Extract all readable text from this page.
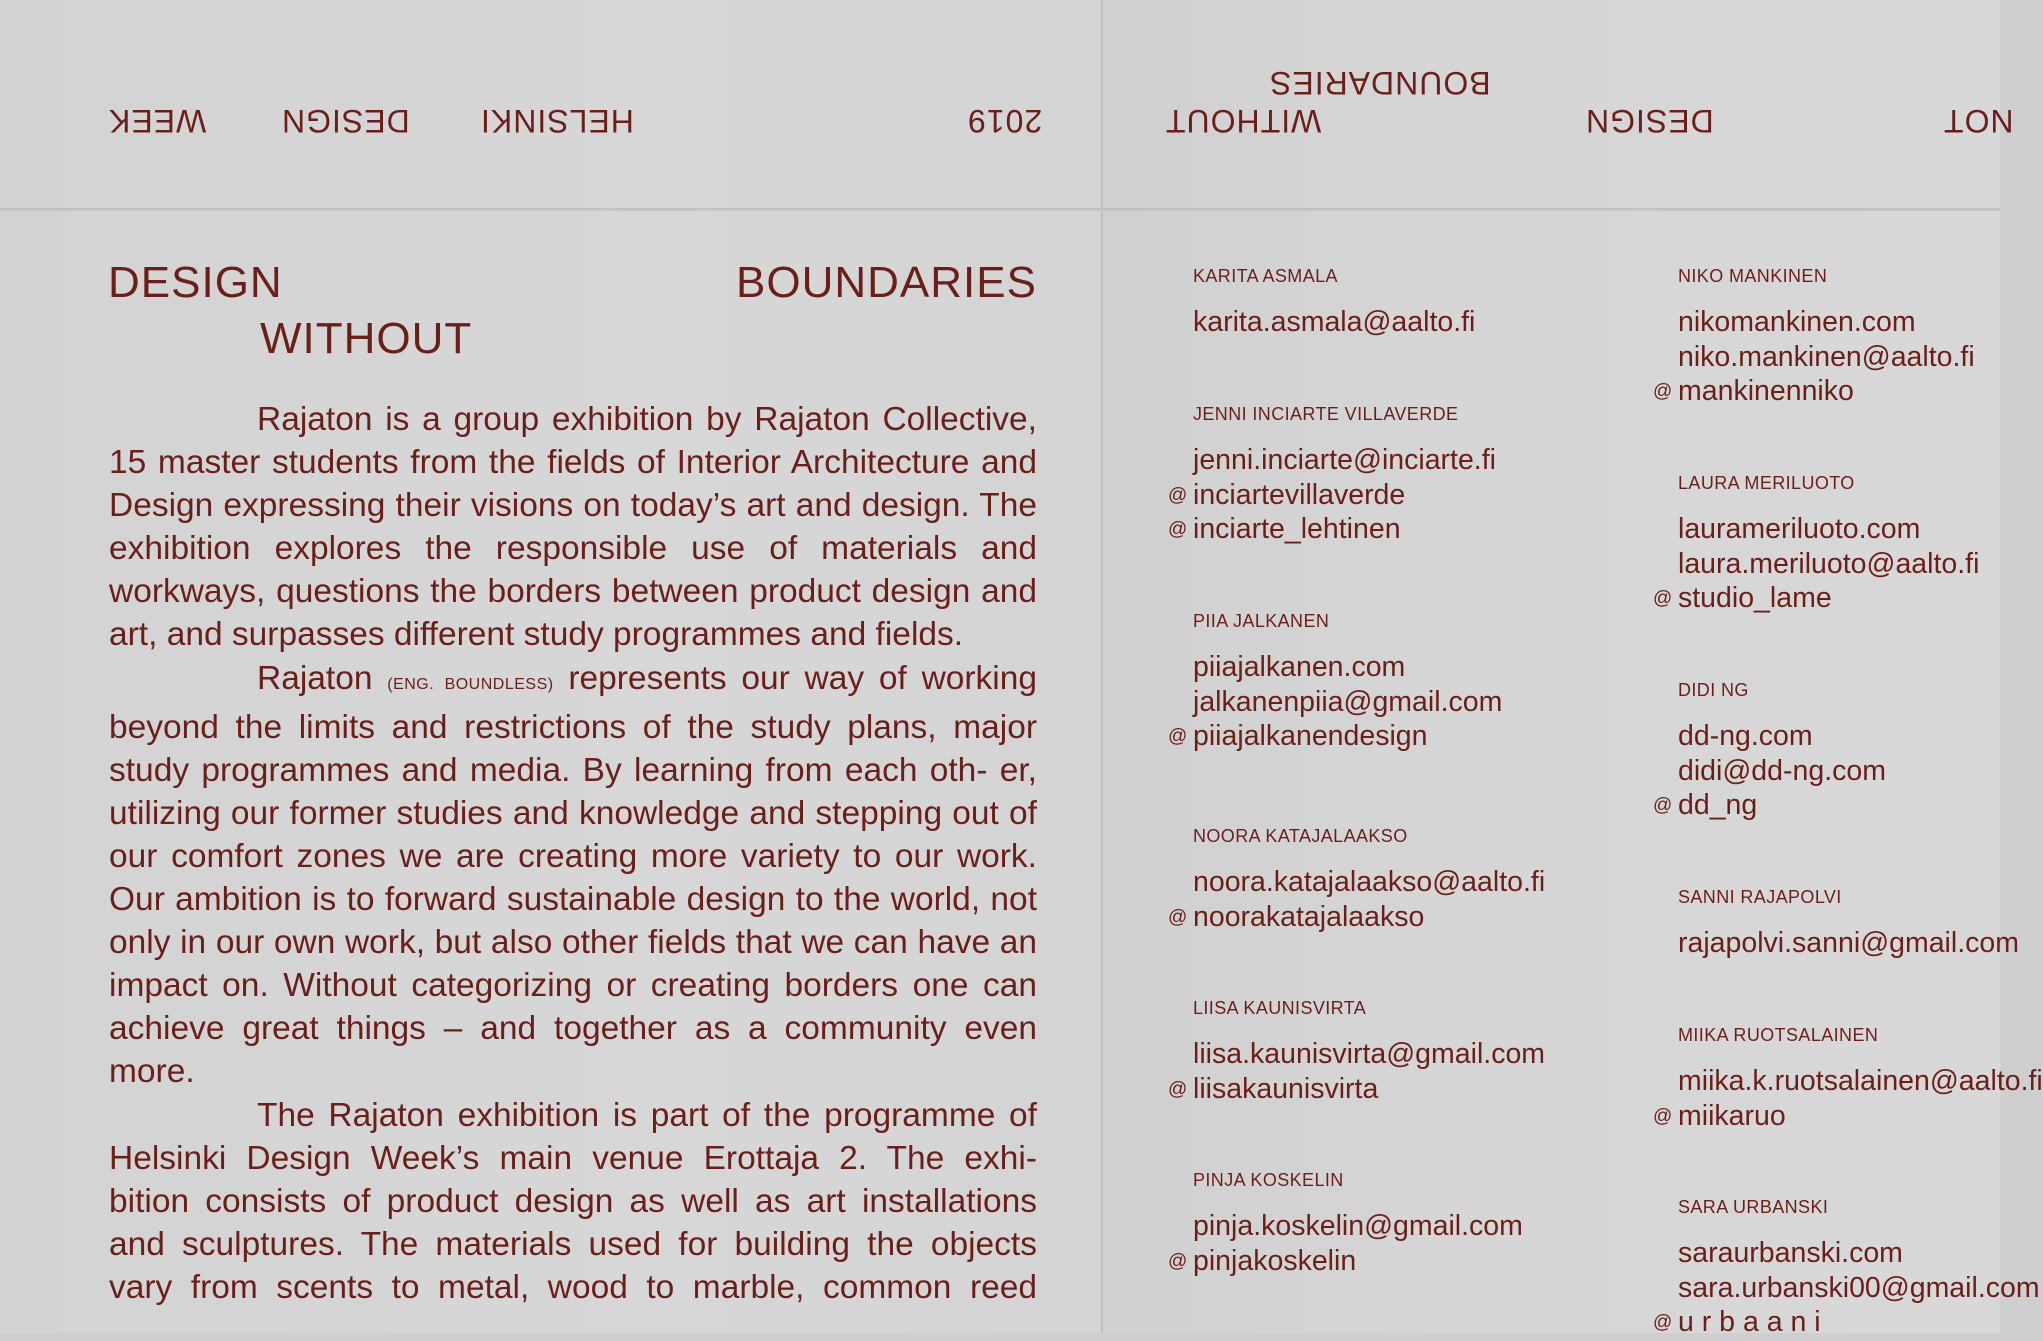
WEEK DESIGN HELSINKI	2019
DESIGN
WITHOUT
BOUNDARIES

Rajaton is a group exhibition by Rajaton Collective, 15 master students from the fields of Interior Architecture and Design expressing their visions on today’s art and design. The exhibition explores the responsible use of materials and workways, questions the borders between product design and art, and surpasses different study programmes and fields.

Rajaton (ENG. BOUNDLESS) represents our way of working beyond the limits and restrictions of the study plans, major study programmes and media. By learning from each oth- er, utilizing our former studies and knowledge and stepping out of our comfort zones we are creating more variety to our work. Our ambition is to forward sustainable design to the world, not only in our own work, but also other fields that we can have an impact on. Without categorizing or creating borders one can achieve great things – and together as a community even more.

The Rajaton exhibition is part of the programme of Helsinki Design Week’s main venue Erottaja 2. The exhi- bition consists of product design as well as art installations and sculptures. The materials used for building the objects vary from scents to metal, wood to marble, common reed

WITHOUT
BOUNDARIES
DESIGN	NOT
KARITA ASMALA
karita.asmala@aalto.fi
JENNI INCIARTE VILLAVERDE
jenni.inciarte@inciarte.fi
@ inciartevillaverde
@ inciarte_lehtinen
PIIA JALKANEN
piiajalkanen.com
jalkanenpiia@gmail.com
@ piiajalkanendesign
NOORA KATAJALAAKSO
noora.katajalaakso@aalto.fi
@ noorakatajalaakso
LIISA KAUNISVIRTA
liisa.kaunisvirta@gmail.com
@ liisakaunisvirta
PINJA KOSKELIN
pinja.koskelin@gmail.com
@ pinjakoskelin
NIKO MANKINEN
nikomankinen.com
niko.mankinen@aalto.fi
@ mankinenniko
LAURA MERILUOTO
laurameriluoto.com
laura.meriluoto@aalto.fi
@ studio_lame
DIDI NG
dd-ng.com
didi@dd-ng.com
@ dd_ng
SANNI RAJAPOLVI
rajapolvi.sanni@gmail.com
MIIKA RUOTSALAINEN
miika.k.ruotsalainen@aalto.fi
@ miikaruo
SARA URBANSKI
saraurbanski.com
sara.urbanski00@gmail.com
@ u r b a a n i
